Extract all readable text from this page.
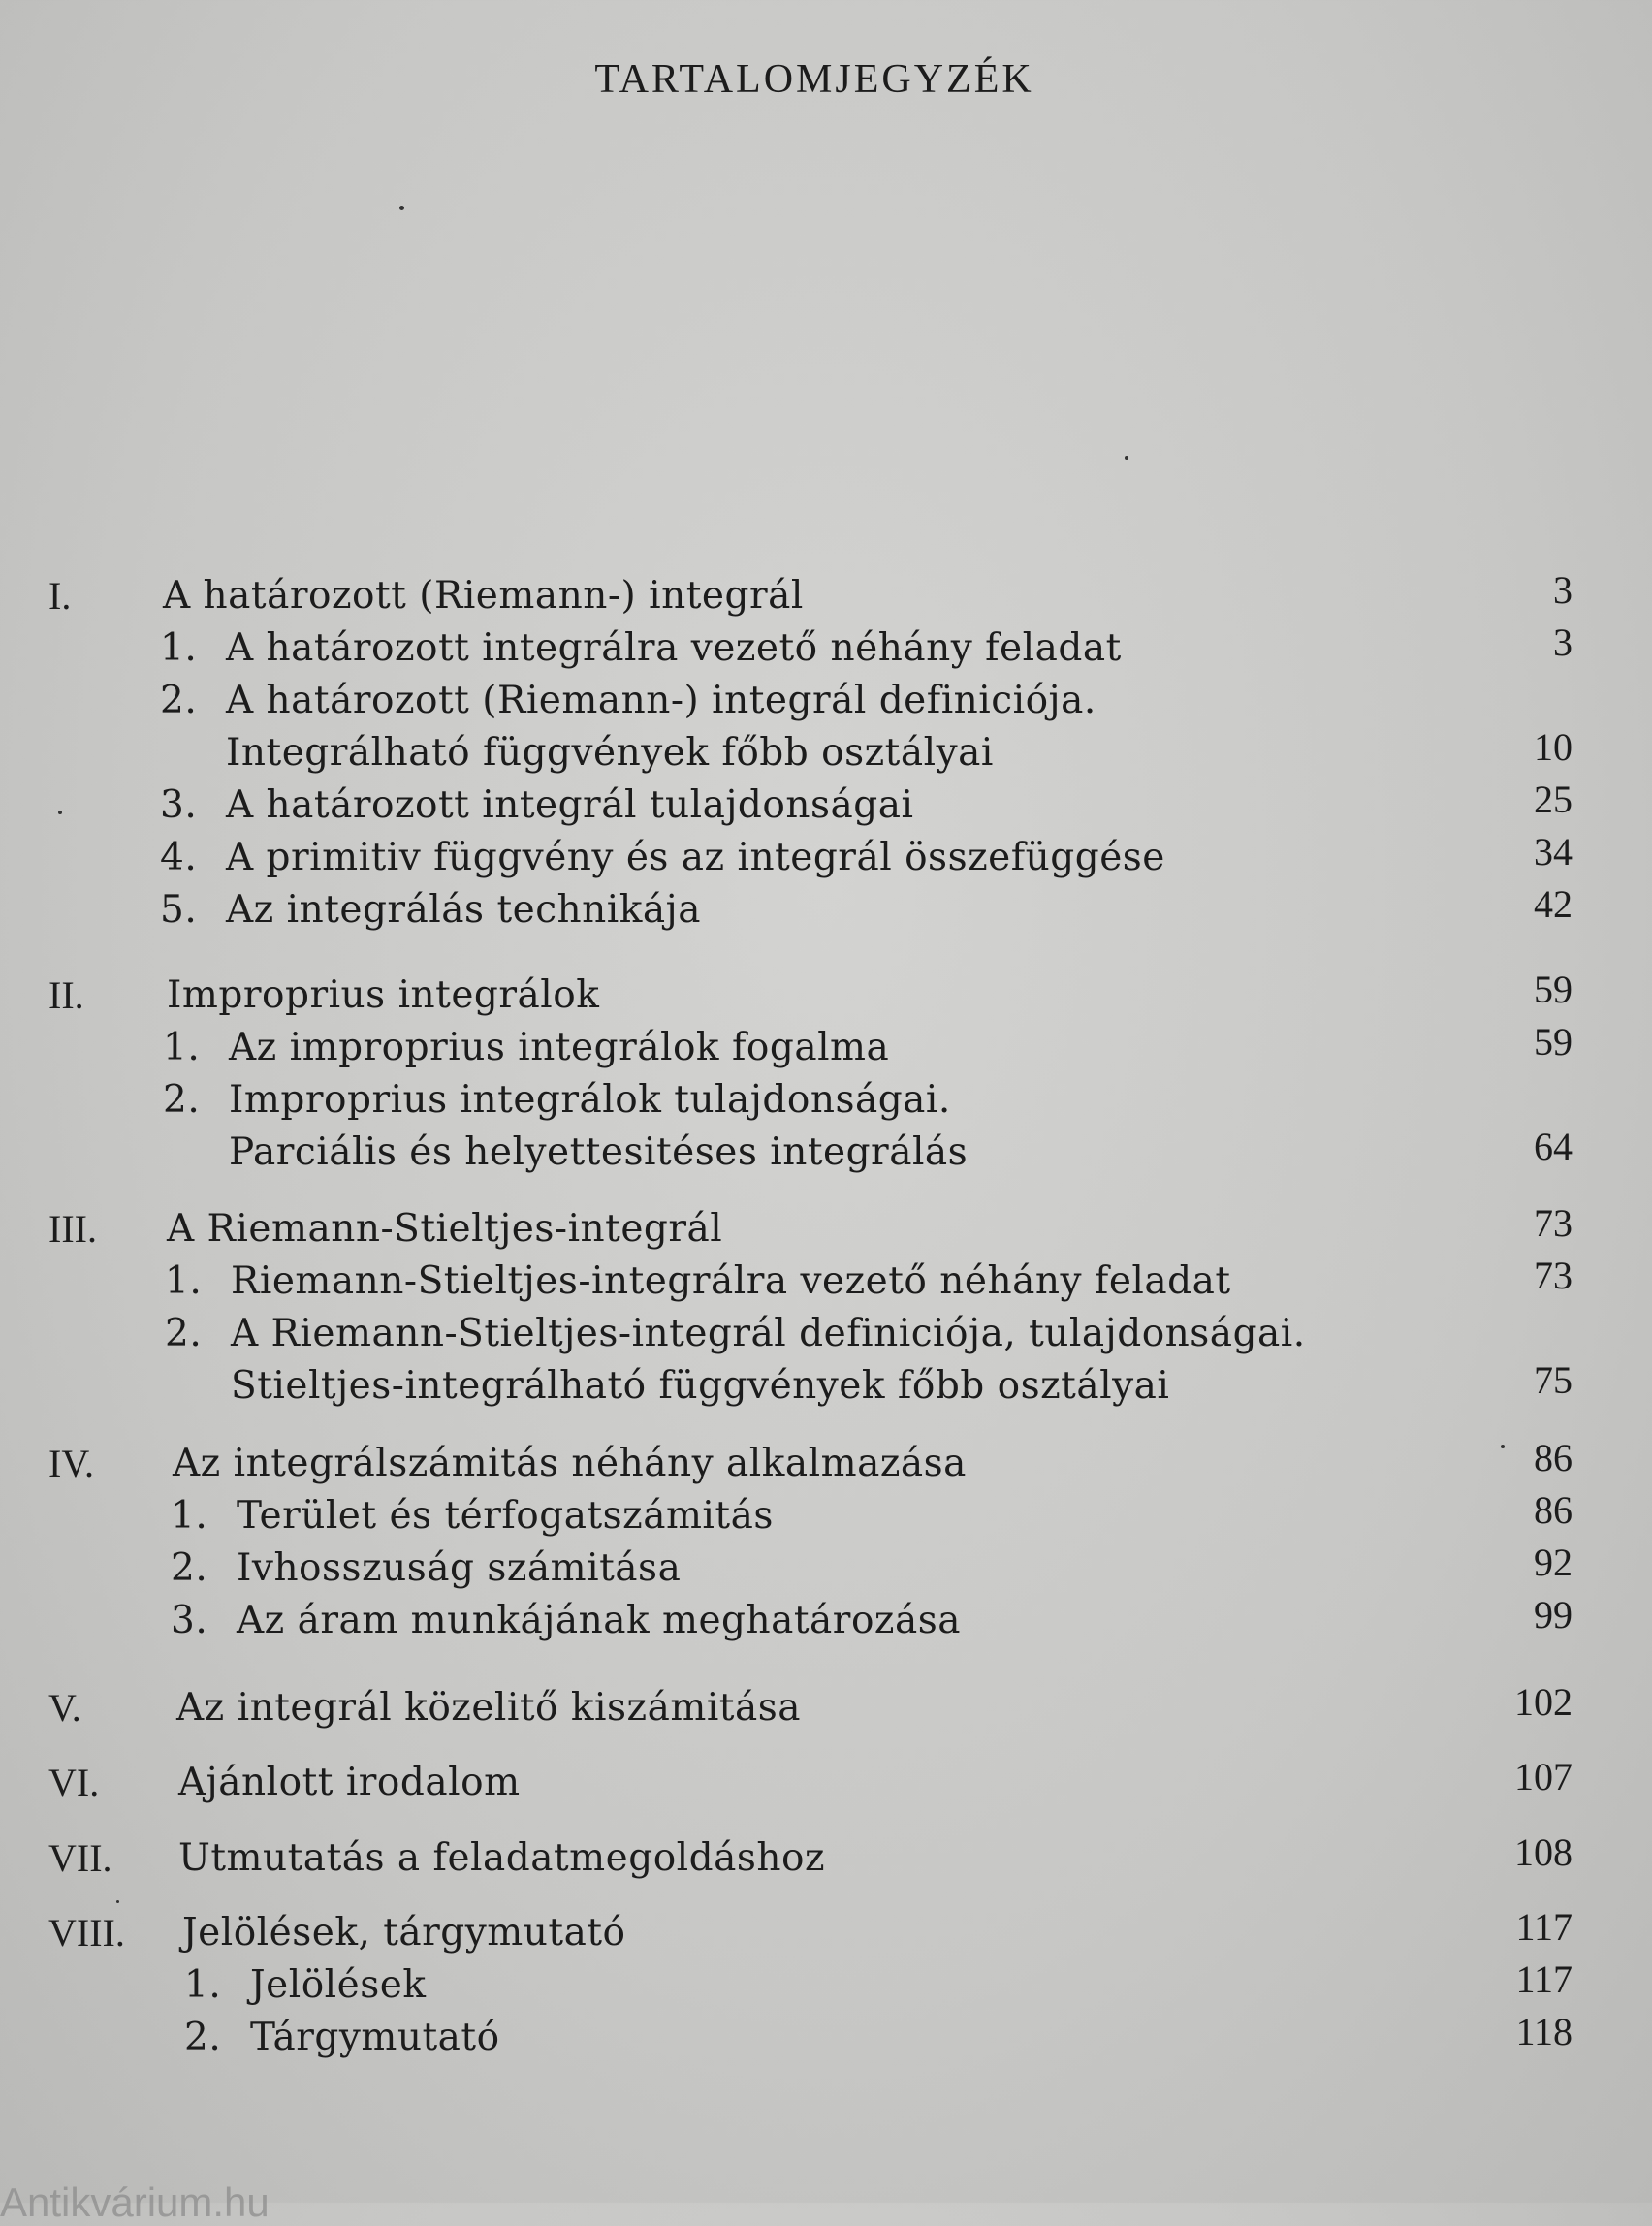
TARTALOMJEGYZÉK
I. A határozott (Riemann-) integrál	3
1. A határozott integrálra vezető néhány feladat	3
2. A határozott (Riemann-) integrál definiciója.
Integrálható függvények főbb osztályai	10
3. A határozott integrál tulajdonságai	25
4. A primitiv függvény és az integrál összefüggése	34
5. Az integrálás technikája	42
II. Improprius integrálok	59
1. Az improprius integrálok fogalma	59
2. Improprius integrálok tulajdonságai.
Parciális és helyettesitéses integrálás	64
III. A Riemann-Stieltjes-integrál	73
1. Riemann-Stieltjes-integrálra vezető néhány feladat	73
2. A Riemann-Stieltjes-integrál definiciója, tulajdonságai.
Stieltjes-integrálható függvények főbb osztályai	75
IV. Az integrálszámitás néhány alkalmazása	86
1. Terület és térfogatszámitás	86
2. Ivhosszuság számitása	92
3. Az áram munkájának meghatározása	99
V.	Az integrál közelitő kiszámitása	102
VI. Ajánlott irodalom	107
VII. Utmutatás a feladatmegoldáshoz	108
VIII. Jelölések, tárgymutató	117
1. Jelölések	117
2. Tárgymutató	118
Antikvárium.hu
